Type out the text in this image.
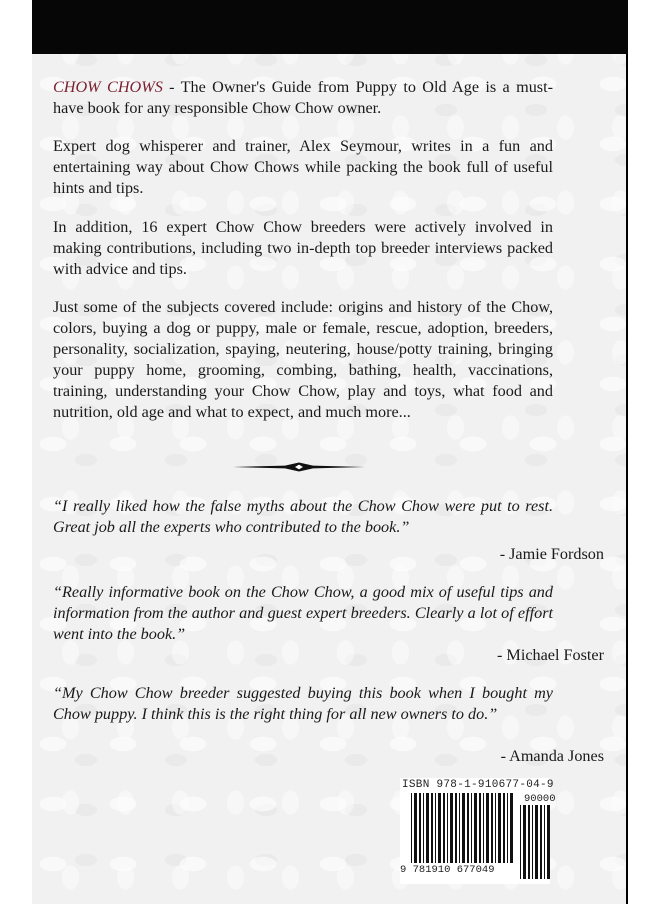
CHOW CHOWS - The Owner's Guide from Puppy to Old Age is a must-have book for any responsible Chow Chow owner.

Expert dog whisperer and trainer, Alex Seymour, writes in a fun and entertaining way about Chow Chows while packing the book full of useful hints and tips.

In addition, 16 expert Chow Chow breeders were actively involved in making contributions, including two in-depth top breeder interviews packed with advice and tips.

Just some of the subjects covered include: origins and history of the Chow, colors, buying a dog or puppy, male or female, rescue, adoption, breeders, personality, socialization, spaying, neutering, house/potty training, bringing your puppy home, grooming, combing, bathing, health, vaccinations, training, understanding your Chow Chow, play and toys, what food and nutrition, old age and what to expect, and much more...

“I really liked how the false myths about the Chow Chow were put to rest. Great job all the experts who contributed to the book.”

- Jamie Fordson

“Really informative book on the Chow Chow, a good mix of useful tips and information from the author and guest expert breeders. Clearly a lot of effort went into the book.”

- Michael Foster

“My Chow Chow breeder suggested buying this book when I bought my Chow puppy. I think this is the right thing for all new owners to do.”

- Amanda Jones

ISBN 978-1-910677-04-9
90000
9 781910 677049
